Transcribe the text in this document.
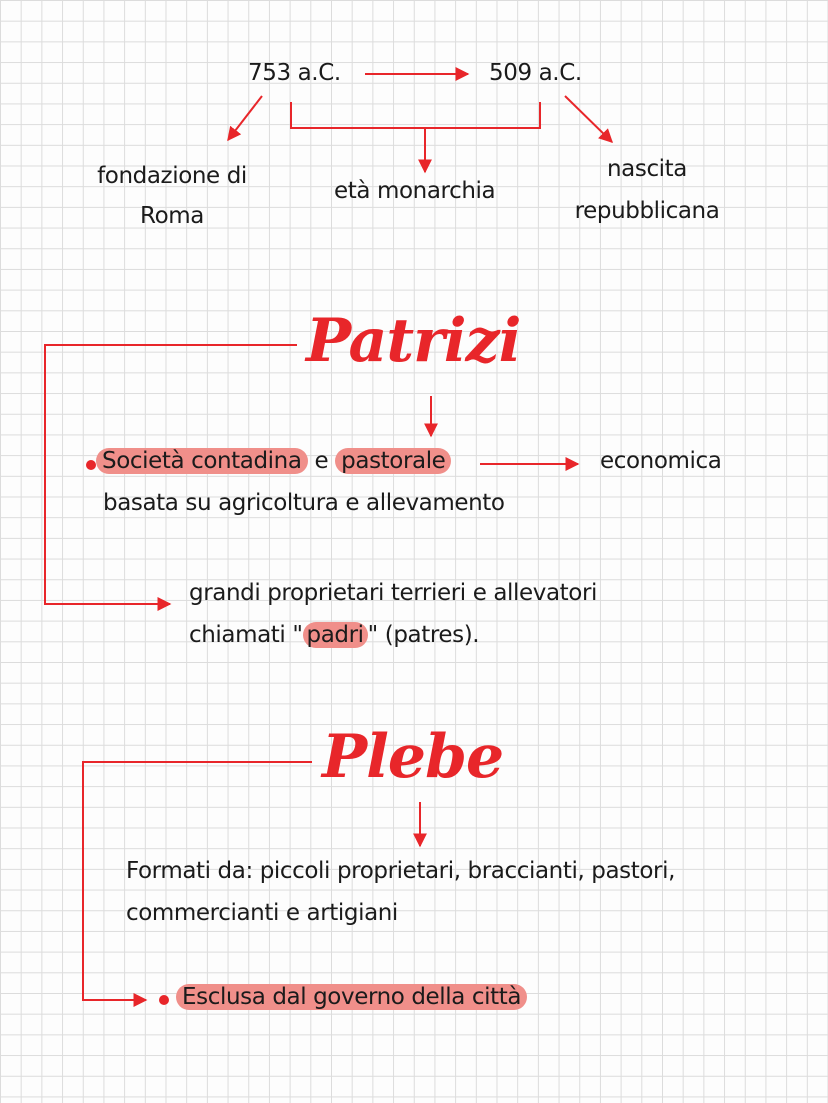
753 a.C.	509 a.C.
fondazione di Roma
età monarchia
nascita repubblicana
Patrizi
Società contadina e pastorale	economica
basata su agricoltura e allevamento
grandi proprietari terrieri e allevatori
chiamati " padri " (patres).
Plebe
Formati da: piccoli proprietari, braccianti, pastori,
commercianti e artigiani
Esclusa dal governo della città
